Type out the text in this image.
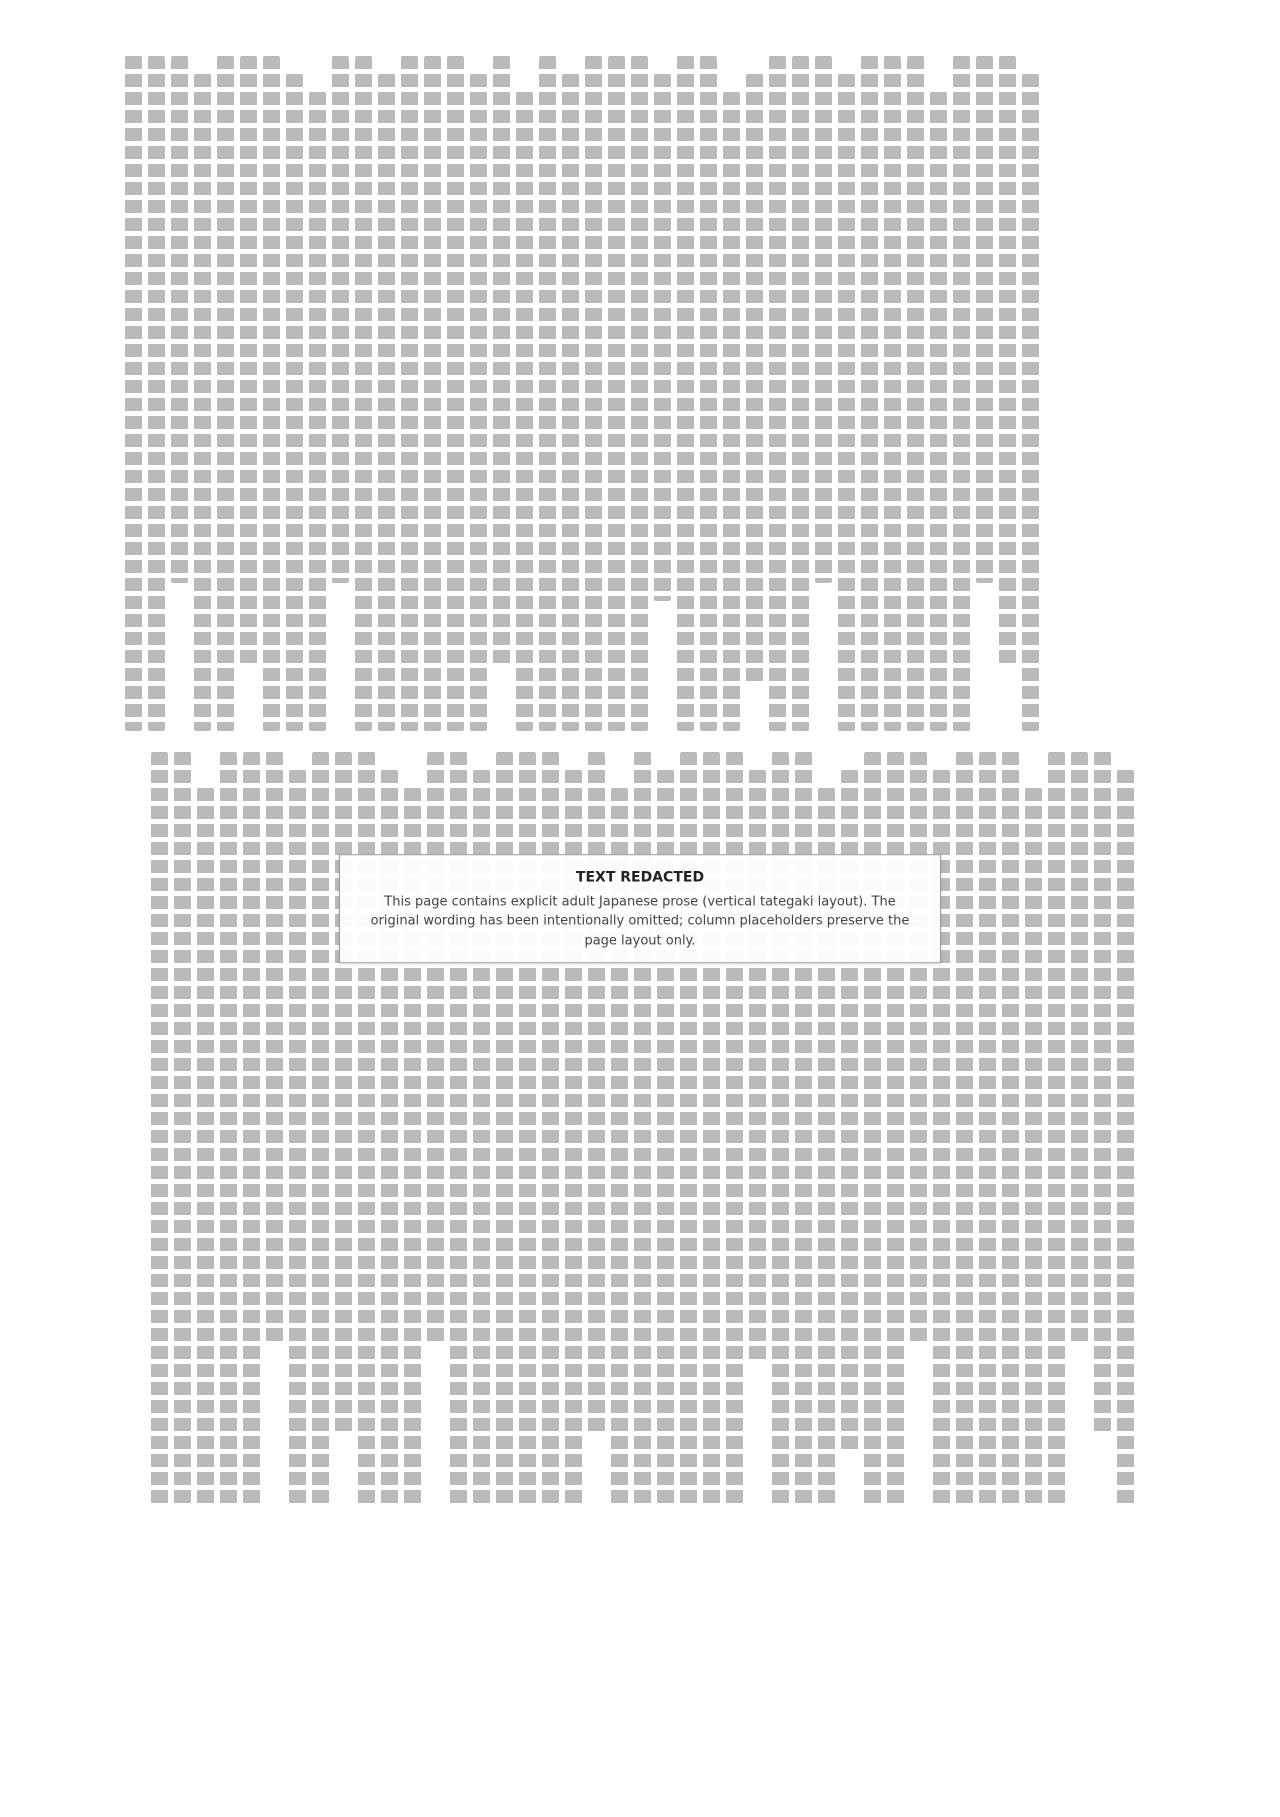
TEXT REDACTED
This page contains explicit adult Japanese prose (vertical tategaki layout). The original wording has been intentionally omitted; column placeholders preserve the page layout only.
